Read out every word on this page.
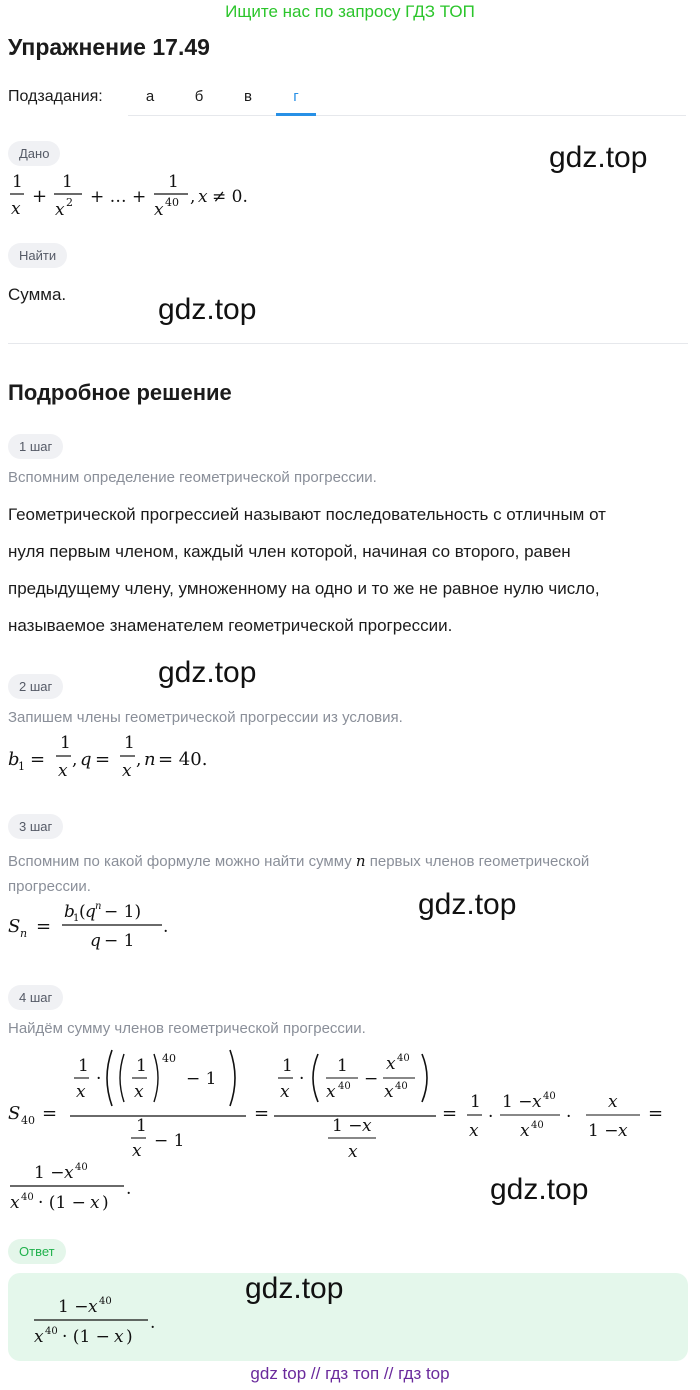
Ищите нас по запросу ГДЗ ТОП
Упражнение 17.49
Подзадания:	а	б	в	г
Дано	gdz.top
1
x
+
1
x 2 + … +
1
x 40 , x ≠ 0.
Найти
Сумма.	gdz.top
Подробное решение
1 шаг
Вспомним определение геометрической прогрессии.
Геометрической прогрессией называют последовательность с отличным от
нуля первым членом, каждый член которой, начиная со второго, равен
предыдущему члену, умноженному на одно и то же не равное нулю число,
называемое знаменателем геометрической прогрессии.
gdz.top
2 шаг
Запишем члены геометрической прогрессии из условия.
b
1 =
1
x
, q =
1
x
, n = 40.
3 шаг
Вспомним по какой формуле можно найти сумму n первых членов геометрической
прогрессии.
gdz.top
S n =
b
1 ( q n − 1)
q − 1
.
4 шаг
Найдём сумму членов геометрической прогрессии.
S 40 =
1
x
·
1
x
40
− 1
1
x − 1
=
1
x
·
1
x 40 −
x 40
x 40
1 − x
x
=
1
x
·
1 − x 40
x 40 ·
x
1 − x
=
1 − x 40
x 40 · (1 − x )
.	gdz.top
Ответ
gdz.top
1 − x 40
x 40 · (1 − x )
.
gdz top // гдз топ // гдз top
